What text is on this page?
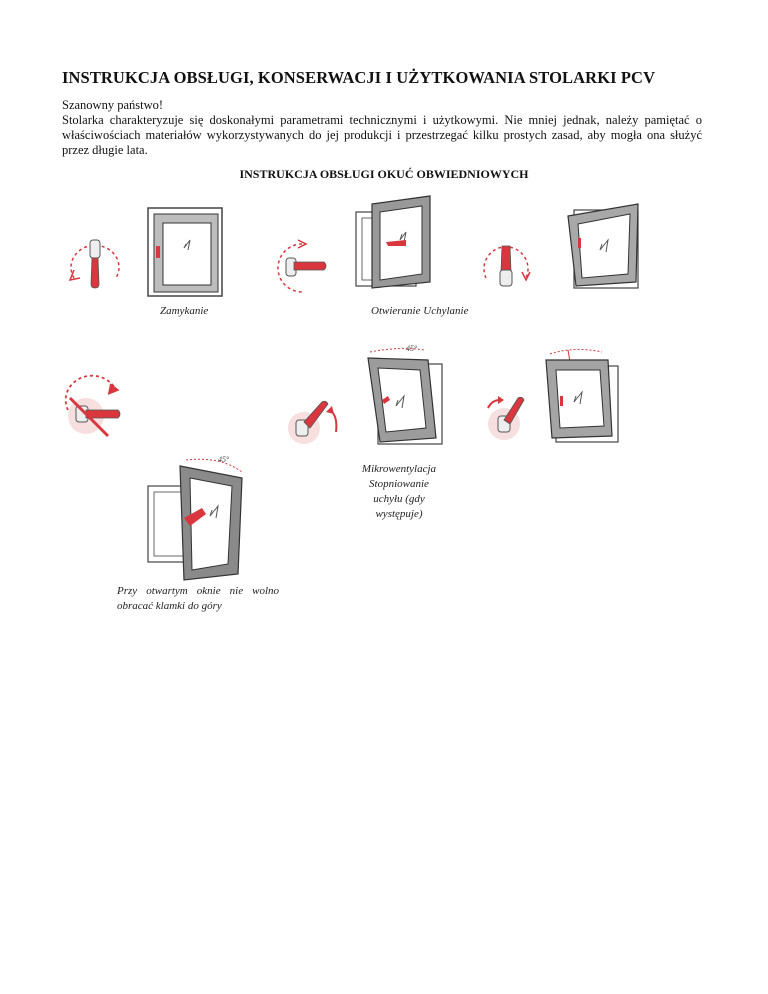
INSTRUKCJA OBSŁUGI, KONSERWACJI I UŻYTKOWANIA STOLARKI PCV
Szanowny państwo!
Stolarka charakteryzuje się doskonałymi parametrami technicznymi i użytkowymi. Nie mniej jednak, należy pamiętać o właściwościach materiałów wykorzystywanych do jej produkcji i przestrzegać kilku prostych zasad, aby mogła ona służyć przez długie lata.
INSTRUKCJA OBSŁUGI OKUĆ OBWIEDNIOWYCH
Zamykanie	Otwieranie Uchylanie
45°
Mikrowentylacja
Stopniowanie
uchyłu (gdy
występuje)
45°
Przy  otwartym  oknie  nie  wolno
obracać klamki do góry
